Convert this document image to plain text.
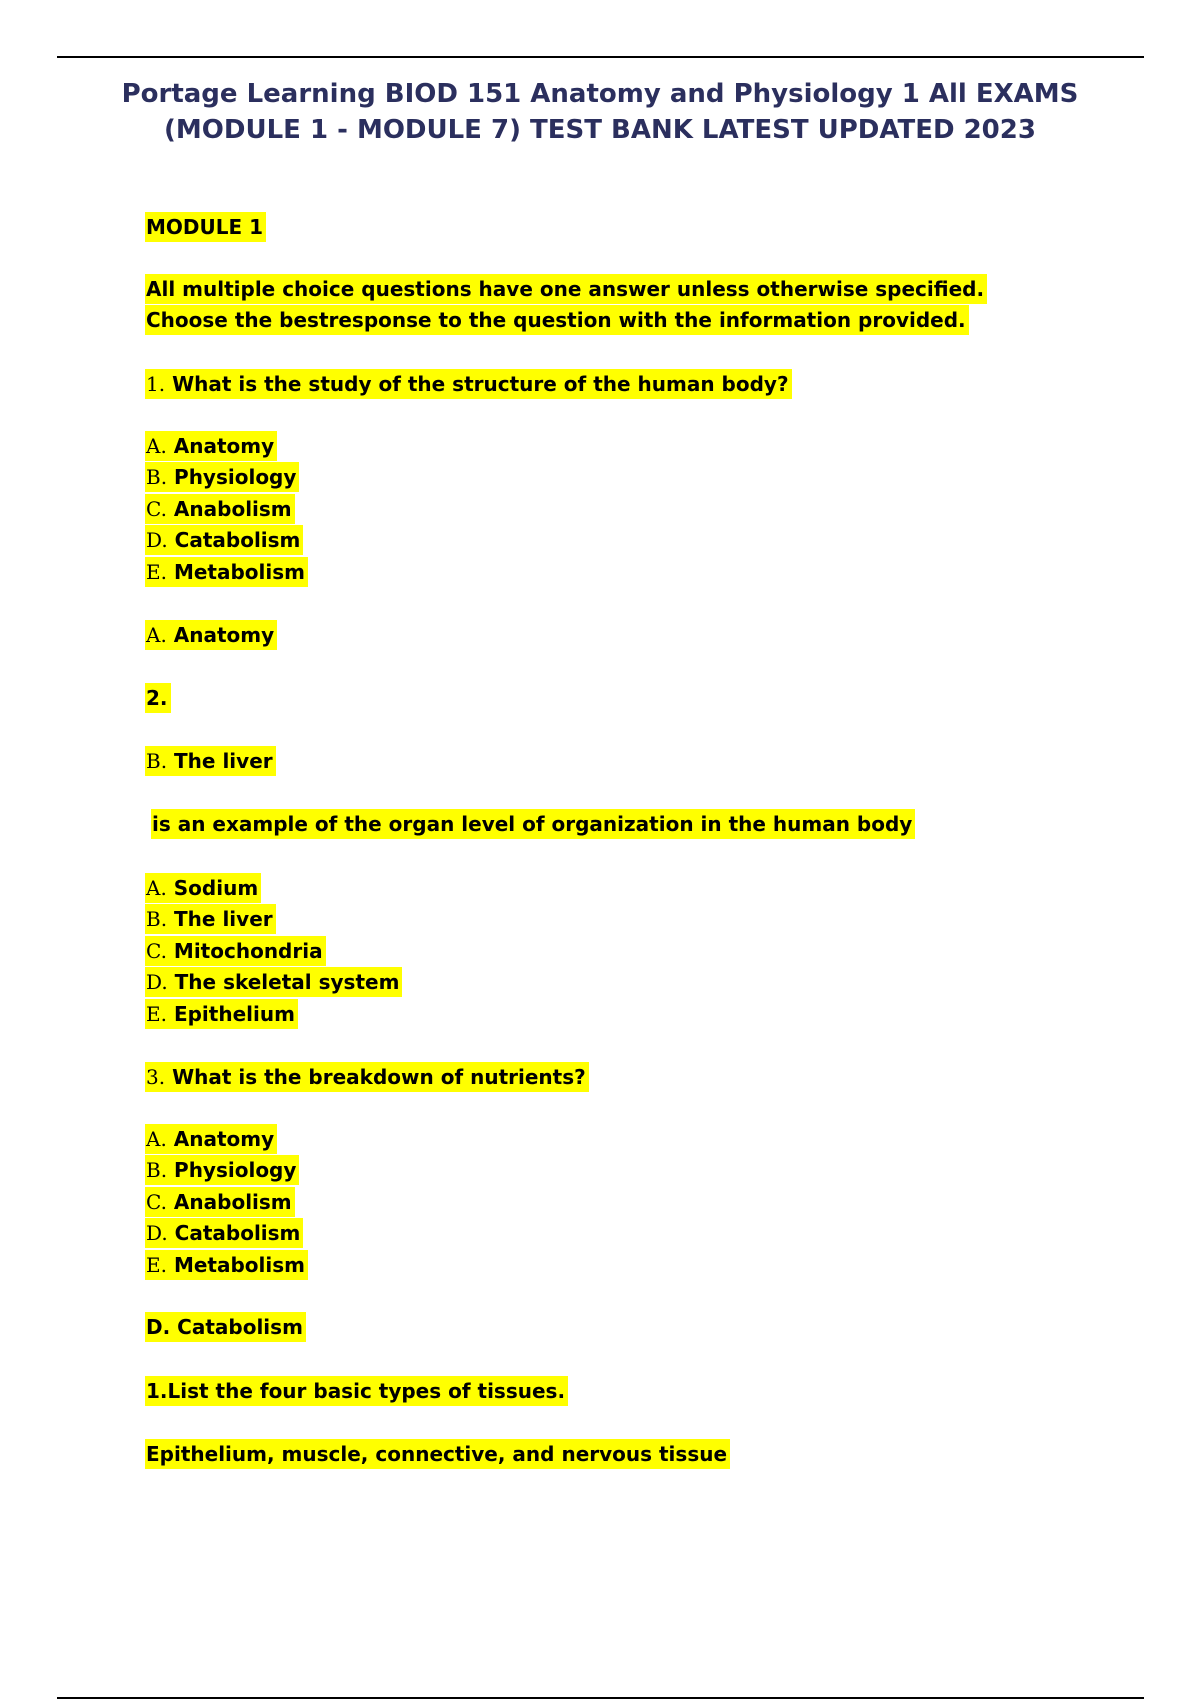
Portage Learning BIOD 151 Anatomy and Physiology 1 All EXAMS
(MODULE 1 - MODULE 7) TEST BANK LATEST UPDATED 2023
MODULE 1
All multiple choice questions have one answer unless otherwise specified.
Choose the bestresponse to the question with the information provided.
1. What is the study of the structure of the human body?
A. Anatomy
B. Physiology
C. Anabolism
D. Catabolism
E. Metabolism
A. Anatomy
2.
B. The liver
is an example of the organ level of organization in the human body
A. Sodium
B. The liver
C. Mitochondria
D. The skeletal system
E. Epithelium
3. What is the breakdown of nutrients?
A. Anatomy
B. Physiology
C. Anabolism
D. Catabolism
E. Metabolism
D. Catabolism
1.List the four basic types of tissues.
Epithelium, muscle, connective, and nervous tissue
